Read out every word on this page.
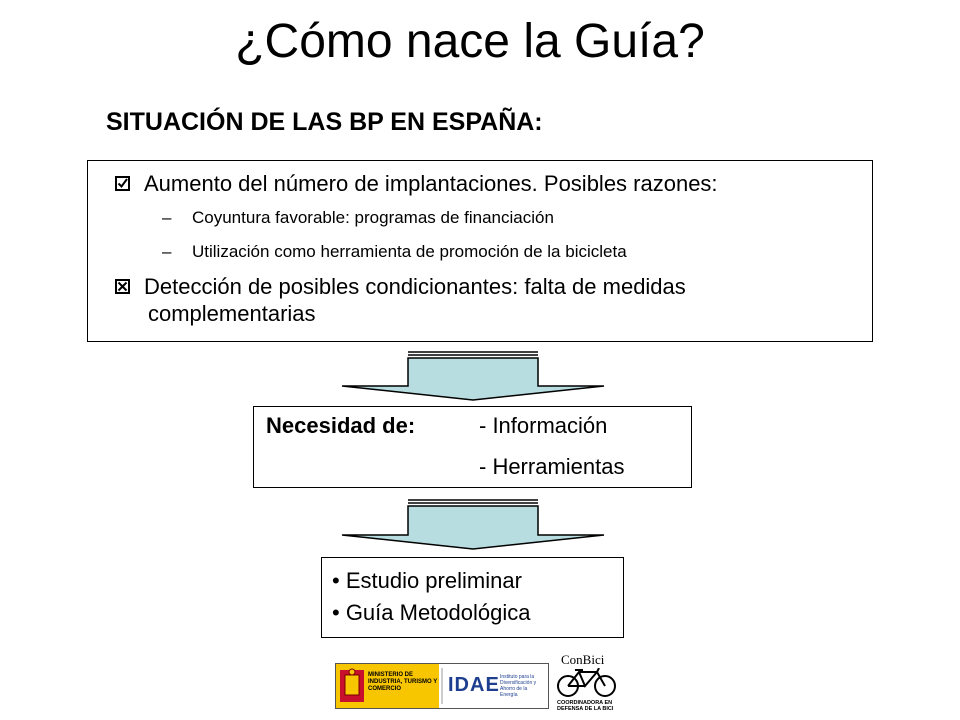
¿Cómo nace la Guía?
SITUACIÓN DE LAS BP EN ESPAÑA:
Aumento del número de implantaciones. Posibles razones:
– Coyuntura favorable: programas de financiación
– Utilización como herramienta de promoción de la bicicleta
Detección de posibles condicionantes: falta de medidas
complementarias
Necesidad de:	- Información
- Herramientas
• Estudio preliminar
• Guía Metodológica
MINISTERIO DE INDUSTRIA, TURISMO Y COMERCIO	IDAE Instituto para la Diversificación y Ahorro de la Energía
ConBici
COORDINADORA EN DEFENSA DE LA BICI
